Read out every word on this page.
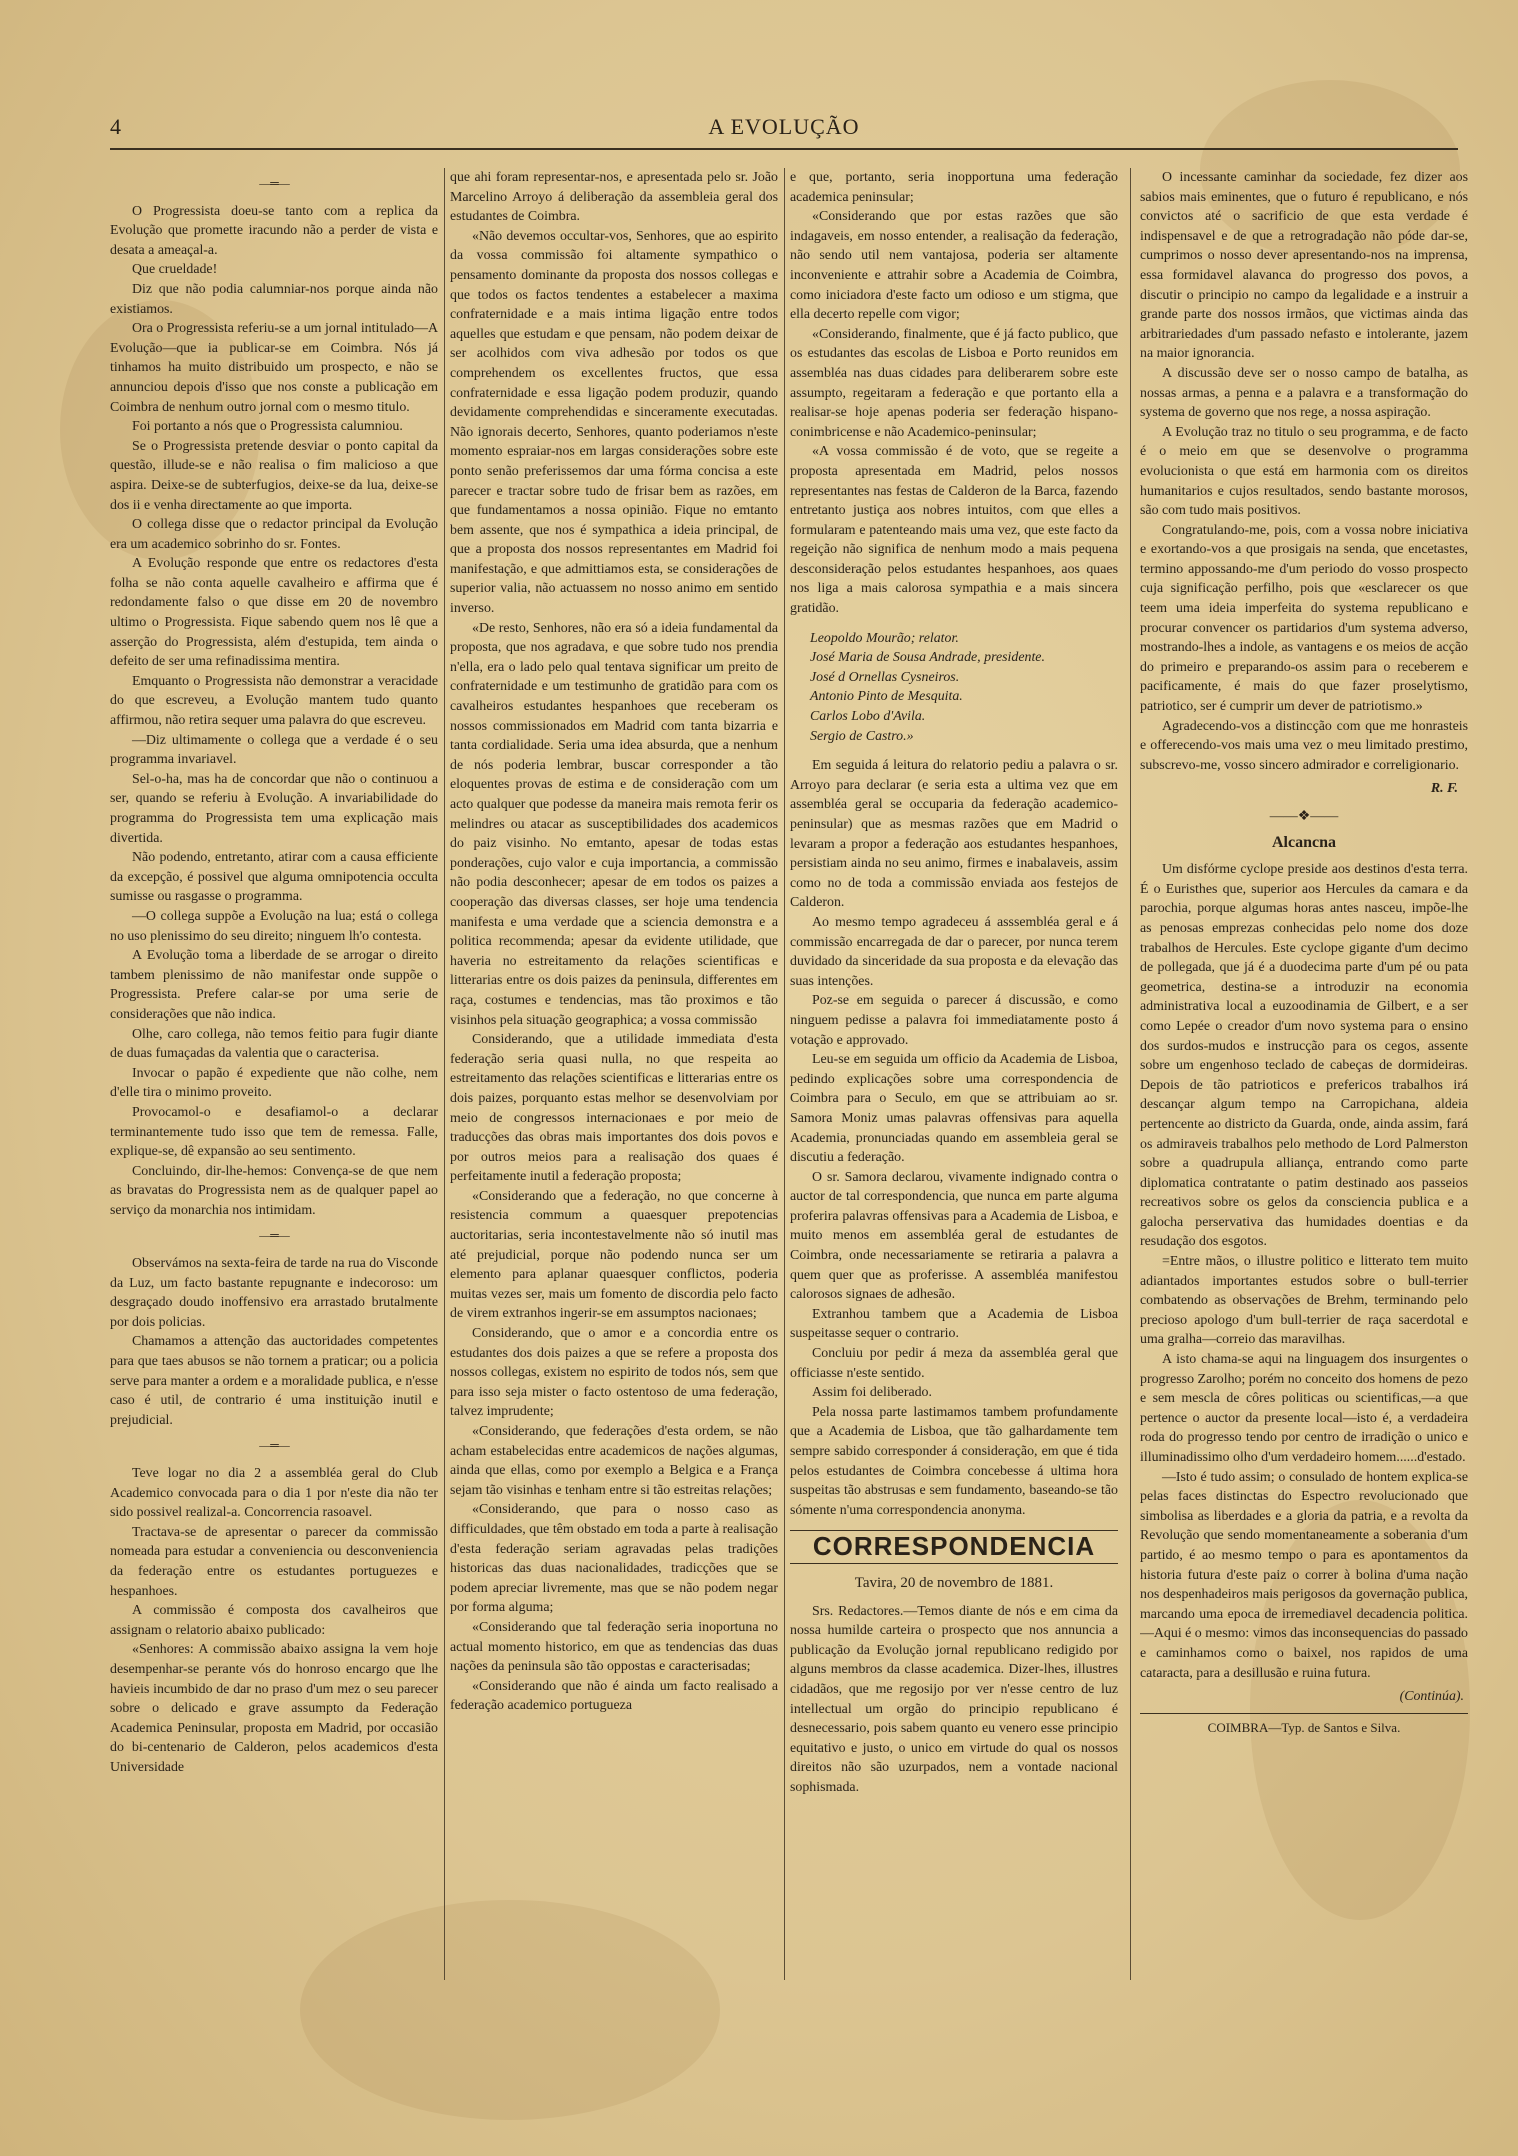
4	A EVOLUÇÃO
—═—

O Progressista doeu-se tanto com a replica da Evolução que promette iracundo não a perder de vista e desata a ameaçal-a.

Que crueldade!

Diz que não podia calumniar-nos porque ainda não existiamos.

Ora o Progressista referiu-se a um jornal intitulado—A Evolução—que ia publicar-se em Coimbra. Nós já tinhamos ha muito distribuido um prospecto, e não se annunciou depois d'isso que nos conste a publicação em Coimbra de nenhum outro jornal com o mesmo titulo.

Foi portanto a nós que o Progressista calumniou.

Se o Progressista pretende desviar o ponto capital da questão, illude-se e não realisa o fim malicioso a que aspira. Deixe-se de subterfugios, deixe-se da lua, deixe-se dos ii e venha directamente ao que importa.

O collega disse que o redactor principal da Evolução era um academico sobrinho do sr. Fontes.

A Evolução responde que entre os redactores d'esta folha se não conta aquelle cavalheiro e affirma que é redondamente falso o que disse em 20 de novembro ultimo o Progressista. Fique sabendo quem nos lê que a asserção do Progressista, além d'estupida, tem ainda o defeito de ser uma refinadissima mentira.

Emquanto o Progressista não demonstrar a veracidade do que escreveu, a Evolução mantem tudo quanto affirmou, não retira sequer uma palavra do que escreveu.

—Diz ultimamente o collega que a verdade é o seu programma invariavel.

Sel-o-ha, mas ha de concordar que não o continuou a ser, quando se referiu à Evolução. A invariabilidade do programma do Progressista tem uma explicação mais divertida.

Não podendo, entretanto, atirar com a causa efficiente da excepção, é possivel que alguma omnipotencia occulta sumisse ou rasgasse o programma.

—O collega suppõe a Evolução na lua; está o collega no uso plenissimo do seu direito; ninguem lh'o contesta.

A Evolução toma a liberdade de se arrogar o direito tambem plenissimo de não manifestar onde suppõe o Progressista. Prefere calar-se por uma serie de considerações que não indica.

Olhe, caro collega, não temos feitio para fugir diante de duas fumaçadas da valentia que o caracterisa.

Invocar o papão é expediente que não colhe, nem d'elle tira o minimo proveito.

Provocamol-o e desafiamol-o a declarar terminantemente tudo isso que tem de remessa. Falle, explique-se, dê expansão ao seu sentimento.

Concluindo, dir-lhe-hemos: Convença-se de que nem as bravatas do Progressista nem as de qualquer papel ao serviço da monarchia nos intimidam.

—═—

Observámos na sexta-feira de tarde na rua do Visconde da Luz, um facto bastante repugnante e indecoroso: um desgraçado doudo inoffensivo era arrastado brutalmente por dois policias.

Chamamos a attenção das auctoridades competentes para que taes abusos se não tornem a praticar; ou a policia serve para manter a ordem e a moralidade publica, e n'esse caso é util, de contrario é uma instituição inutil e prejudicial.

—═—

Teve logar no dia 2 a assembléa geral do Club Academico convocada para o dia 1 por n'este dia não ter sido possivel realizal-a. Concorrencia rasoavel.

Tractava-se de apresentar o parecer da commissão nomeada para estudar a conveniencia ou desconveniencia da federação entre os estudantes portuguezes e hespanhoes.

A commissão é composta dos cavalheiros que assignam o relatorio abaixo publicado:

«Senhores: A commissão abaixo assigna la vem hoje desempenhar-se perante vós do honroso encargo que lhe havieis incumbido de dar no praso d'um mez o seu parecer sobre o delicado e grave assumpto da Federação Academica Peninsular, proposta em Madrid, por occasião do bi-centenario de Calderon, pelos academicos d'esta Universidade

que ahi foram representar-nos, e apresentada pelo sr. João Marcelino Arroyo á deliberação da assembleia geral dos estudantes de Coimbra.

«Não devemos occultar-vos, Senhores, que ao espirito da vossa commissão foi altamente sympathico o pensamento dominante da proposta dos nossos collegas e que todos os factos tendentes a estabelecer a maxima confraternidade e a mais intima ligação entre todos aquelles que estudam e que pensam, não podem deixar de ser acolhidos com viva adhesão por todos os que comprehendem os excellentes fructos, que essa confraternidade e essa ligação podem produzir, quando devidamente comprehendidas e sinceramente executadas. Não ignorais decerto, Senhores, quanto poderiamos n'este momento espraiar-nos em largas considerações sobre este ponto senão preferissemos dar uma fórma concisa a este parecer e tractar sobre tudo de frisar bem as razões, em que fundamentamos a nossa opinião. Fique no emtanto bem assente, que nos é sympathica a ideia principal, de que a proposta dos nossos representantes em Madrid foi manifestação, e que admittiamos esta, se considerações de superior valia, não actuassem no nosso animo em sentido inverso.

«De resto, Senhores, não era só a ideia fundamental da proposta, que nos agradava, e que sobre tudo nos prendia n'ella, era o lado pelo qual tentava significar um preito de confraternidade e um testimunho de gratidão para com os cavalheiros estudantes hespanhoes que receberam os nossos commissionados em Madrid com tanta bizarria e tanta cordialidade. Seria uma idea absurda, que a nenhum de nós poderia lembrar, buscar corresponder a tão eloquentes provas de estima e de consideração com um acto qualquer que podesse da maneira mais remota ferir os melindres ou atacar as susceptibilidades dos academicos do paiz visinho. No emtanto, apesar de todas estas ponderações, cujo valor e cuja importancia, a commissão não podia desconhecer; apesar de em todos os paizes a cooperação das diversas classes, ser hoje uma tendencia manifesta e uma verdade que a sciencia demonstra e a politica recommenda; apesar da evidente utilidade, que haveria no estreitamento da relações scientificas e litterarias entre os dois paizes da peninsula, differentes em raça, costumes e tendencias, mas tão proximos e tão visinhos pela situação geographica; a vossa commissão

Considerando, que a utilidade immediata d'esta federação seria quasi nulla, no que respeita ao estreitamento das relações scientificas e litterarias entre os dois paizes, porquanto estas melhor se desenvolviam por meio de congressos internacionaes e por meio de traducções das obras mais importantes dos dois povos e por outros meios para a realisação dos quaes é perfeitamente inutil a federação proposta;

«Considerando que a federação, no que concerne à resistencia commum a quaesquer prepotencias auctoritarias, seria incontestavelmente não só inutil mas até prejudicial, porque não podendo nunca ser um elemento para aplanar quaesquer conflictos, poderia muitas vezes ser, mais um fomento de discordia pelo facto de virem extranhos ingerir-se em assumptos nacionaes;

Considerando, que o amor e a concordia entre os estudantes dos dois paizes a que se refere a proposta dos nossos collegas, existem no espirito de todos nós, sem que para isso seja mister o facto ostentoso de uma federação, talvez imprudente;

«Considerando, que federações d'esta ordem, se não acham estabelecidas entre academicos de nações algumas, ainda que ellas, como por exemplo a Belgica e a França sejam tão visinhas e tenham entre si tão estreitas relações;

«Considerando, que para o nosso caso as difficuldades, que têm obstado em toda a parte à realisação d'esta federação seriam agravadas pelas tradições historicas das duas nacionalidades, tradicções que se podem apreciar livremente, mas que se não podem negar por forma alguma;

«Considerando que tal federação seria inoportuna no actual momento historico, em que as tendencias das duas nações da peninsula são tão oppostas e caracterisadas;

«Considerando que não é ainda um facto realisado a federação academico portugueza

e que, portanto, seria inopportuna uma federação academica peninsular;

«Considerando que por estas razões que são indagaveis, em nosso entender, a realisação da federação, não sendo util nem vantajosa, poderia ser altamente inconveniente e attrahir sobre a Academia de Coimbra, como iniciadora d'este facto um odioso e um stigma, que ella decerto repelle com vigor;

«Considerando, finalmente, que é já facto publico, que os estudantes das escolas de Lisboa e Porto reunidos em assembléa nas duas cidades para deliberarem sobre este assumpto, regeitaram a federação e que portanto ella a realisar-se hoje apenas poderia ser federação hispano-conimbricense e não Academico-peninsular;

«A vossa commissão é de voto, que se regeite a proposta apresentada em Madrid, pelos nossos representantes nas festas de Calderon de la Barca, fazendo entretanto justiça aos nobres intuitos, com que elles a formularam e patenteando mais uma vez, que este facto da regeição não significa de nenhum modo a mais pequena desconsideração pelos estudantes hespanhoes, aos quaes nos liga a mais calorosa sympathia e a mais sincera gratidão.

Leopoldo Mourão; relator.
José Maria de Sousa Andrade, presidente.
José d Ornellas Cysneiros.
Antonio Pinto de Mesquita.
Carlos Lobo d'Avila.
Sergio de Castro.»

Em seguida á leitura do relatorio pediu a palavra o sr. Arroyo para declarar (e seria esta a ultima vez que em assembléa geral se occuparia da federação academico-peninsular) que as mesmas razões que em Madrid o levaram a propor a federação aos estudantes hespanhoes, persistiam ainda no seu animo, firmes e inabalaveis, assim como no de toda a commissão enviada aos festejos de Calderon.

Ao mesmo tempo agradeceu á asssembléa geral e á commissão encarregada de dar o parecer, por nunca terem duvidado da sinceridade da sua proposta e da elevação das suas intenções.

Poz-se em seguida o parecer á discussão, e como ninguem pedisse a palavra foi immediatamente posto á votação e approvado.

Leu-se em seguida um officio da Academia de Lisboa, pedindo explicações sobre uma correspondencia de Coimbra para o Seculo, em que se attribuiam ao sr. Samora Moniz umas palavras offensivas para aquella Academia, pronunciadas quando em assembleia geral se discutiu a federação.

O sr. Samora declarou, vivamente indignado contra o auctor de tal correspondencia, que nunca em parte alguma proferira palavras offensivas para a Academia de Lisboa, e muito menos em assembléa geral de estudantes de Coimbra, onde necessariamente se retiraria a palavra a quem quer que as proferisse. A assembléa manifestou calorosos signaes de adhesão.

Extranhou tambem que a Academia de Lisboa suspeitasse sequer o contrario.

Concluiu por pedir á meza da assembléa geral que officiasse n'este sentido.

Assim foi deliberado.

Pela nossa parte lastimamos tambem profundamente que a Academia de Lisboa, que tão galhardamente tem sempre sabido corresponder á consideração, em que é tida pelos estudantes de Coimbra concebesse á ultima hora suspeitas tão abstrusas e sem fundamento, baseando-se tão sómente n'uma correspondencia anonyma.

CORRESPONDENCIA
Tavira, 20 de novembro de 1881.

Srs. Redactores.—Temos diante de nós e em cima da nossa humilde carteira o prospecto que nos annuncia a publicação da Evolução jornal republicano redigido por alguns membros da classe academica. Dizer-lhes, illustres cidadãos, que me regosijo por ver n'esse centro de luz intellectual um orgão do principio republicano é desnecessario, pois sabem quanto eu venero esse principio equitativo e justo, o unico em virtude do qual os nossos direitos não são uzurpados, nem a vontade nacional sophismada.

O incessante caminhar da sociedade, fez dizer aos sabios mais eminentes, que o futuro é republicano, e nós convictos até o sacrificio de que esta verdade é indispensavel e de que a retrogradação não póde dar-se, cumprimos o nosso dever apresentando-nos na imprensa, essa formidavel alavanca do progresso dos povos, a discutir o principio no campo da legalidade e a instruir a grande parte dos nossos irmãos, que victimas ainda das arbitrariedades d'um passado nefasto e intolerante, jazem na maior ignorancia.

A discussão deve ser o nosso campo de batalha, as nossas armas, a penna e a palavra e a transformação do systema de governo que nos rege, a nossa aspiração.

A Evolução traz no titulo o seu programma, e de facto é o meio em que se desenvolve o programma evolucionista o que está em harmonia com os direitos humanitarios e cujos resultados, sendo bastante morosos, são com tudo mais positivos.

Congratulando-me, pois, com a vossa nobre iniciativa e exortando-vos a que prosigais na senda, que encetastes, termino appossando-me d'um periodo do vosso prospecto cuja significação perfilho, pois que «esclarecer os que teem uma ideia imperfeita do systema republicano e procurar convencer os partidarios d'um systema adverso, mostrando-lhes a indole, as vantagens e os meios de acção do primeiro e preparando-os assim para o receberem e pacificamente, é mais do que fazer proselytismo, patriotico, ser é cumprir um dever de patriotismo.»

Agradecendo-vos a distincção com que me honrasteis e offerecendo-vos mais uma vez o meu limitado prestimo, subscrevo-me, vosso sincero admirador e correligionario.

R. F.
——❖——
Alcancna

Um disfórme cyclope preside aos destinos d'esta terra. É o Euristhes que, superior aos Hercules da camara e da parochia, porque algumas horas antes nasceu, impõe-lhe as penosas emprezas conhecidas pelo nome dos doze trabalhos de Hercules. Este cyclope gigante d'um decimo de pollegada, que já é a duodecima parte d'um pé ou pata geometrica, destina-se a introduzir na economia administrativa local a euzoodinamia de Gilbert, e a ser como Lepée o creador d'um novo systema para o ensino dos surdos-mudos e instrucção para os cegos, assente sobre um engenhoso teclado de cabeças de dormideiras. Depois de tão patrioticos e prefericos trabalhos irá descançar algum tempo na Carropichana, aldeia pertencente ao districto da Guarda, onde, ainda assim, fará os admiraveis trabalhos pelo methodo de Lord Palmerston sobre a quadrupula alliança, entrando como parte diplomatica contratante o patim destinado aos passeios recreativos sobre os gelos da consciencia publica e a galocha perservativa das humidades doentias e da resudação dos esgotos.

=Entre mãos, o illustre politico e litterato tem muito adiantados importantes estudos sobre o bull-terrier combatendo as observações de Brehm, terminando pelo precioso apologo d'um bull-terrier de raça sacerdotal e uma gralha—correio das maravilhas.

A isto chama-se aqui na linguagem dos insurgentes o progresso Zarolho; porém no conceito dos homens de pezo e sem mescla de côres politicas ou scientificas,—a que pertence o auctor da presente local—isto é, a verdadeira roda do progresso tendo por centro de irradição o unico e illuminadissimo olho d'um verdadeiro homem......d'estado.

—Isto é tudo assim; o consulado de hontem explica-se pelas faces distinctas do Espectro revolucionado que simbolisa as liberdades e a gloria da patria, e a revolta da Revolução que sendo momentaneamente a soberania d'um partido, é ao mesmo tempo o para es apontamentos da historia futura d'este paiz o correr à bolina d'uma nação nos despenhadeiros mais perigosos da governação publica, marcando uma epoca de irremediavel decadencia politica.—Aqui é o mesmo: vimos das inconsequencias do passado e caminhamos como o baixel, nos rapidos de uma cataracta, para a desillusão e ruina futura.

(Continúa).
COIMBRA—Typ. de Santos e Silva.
